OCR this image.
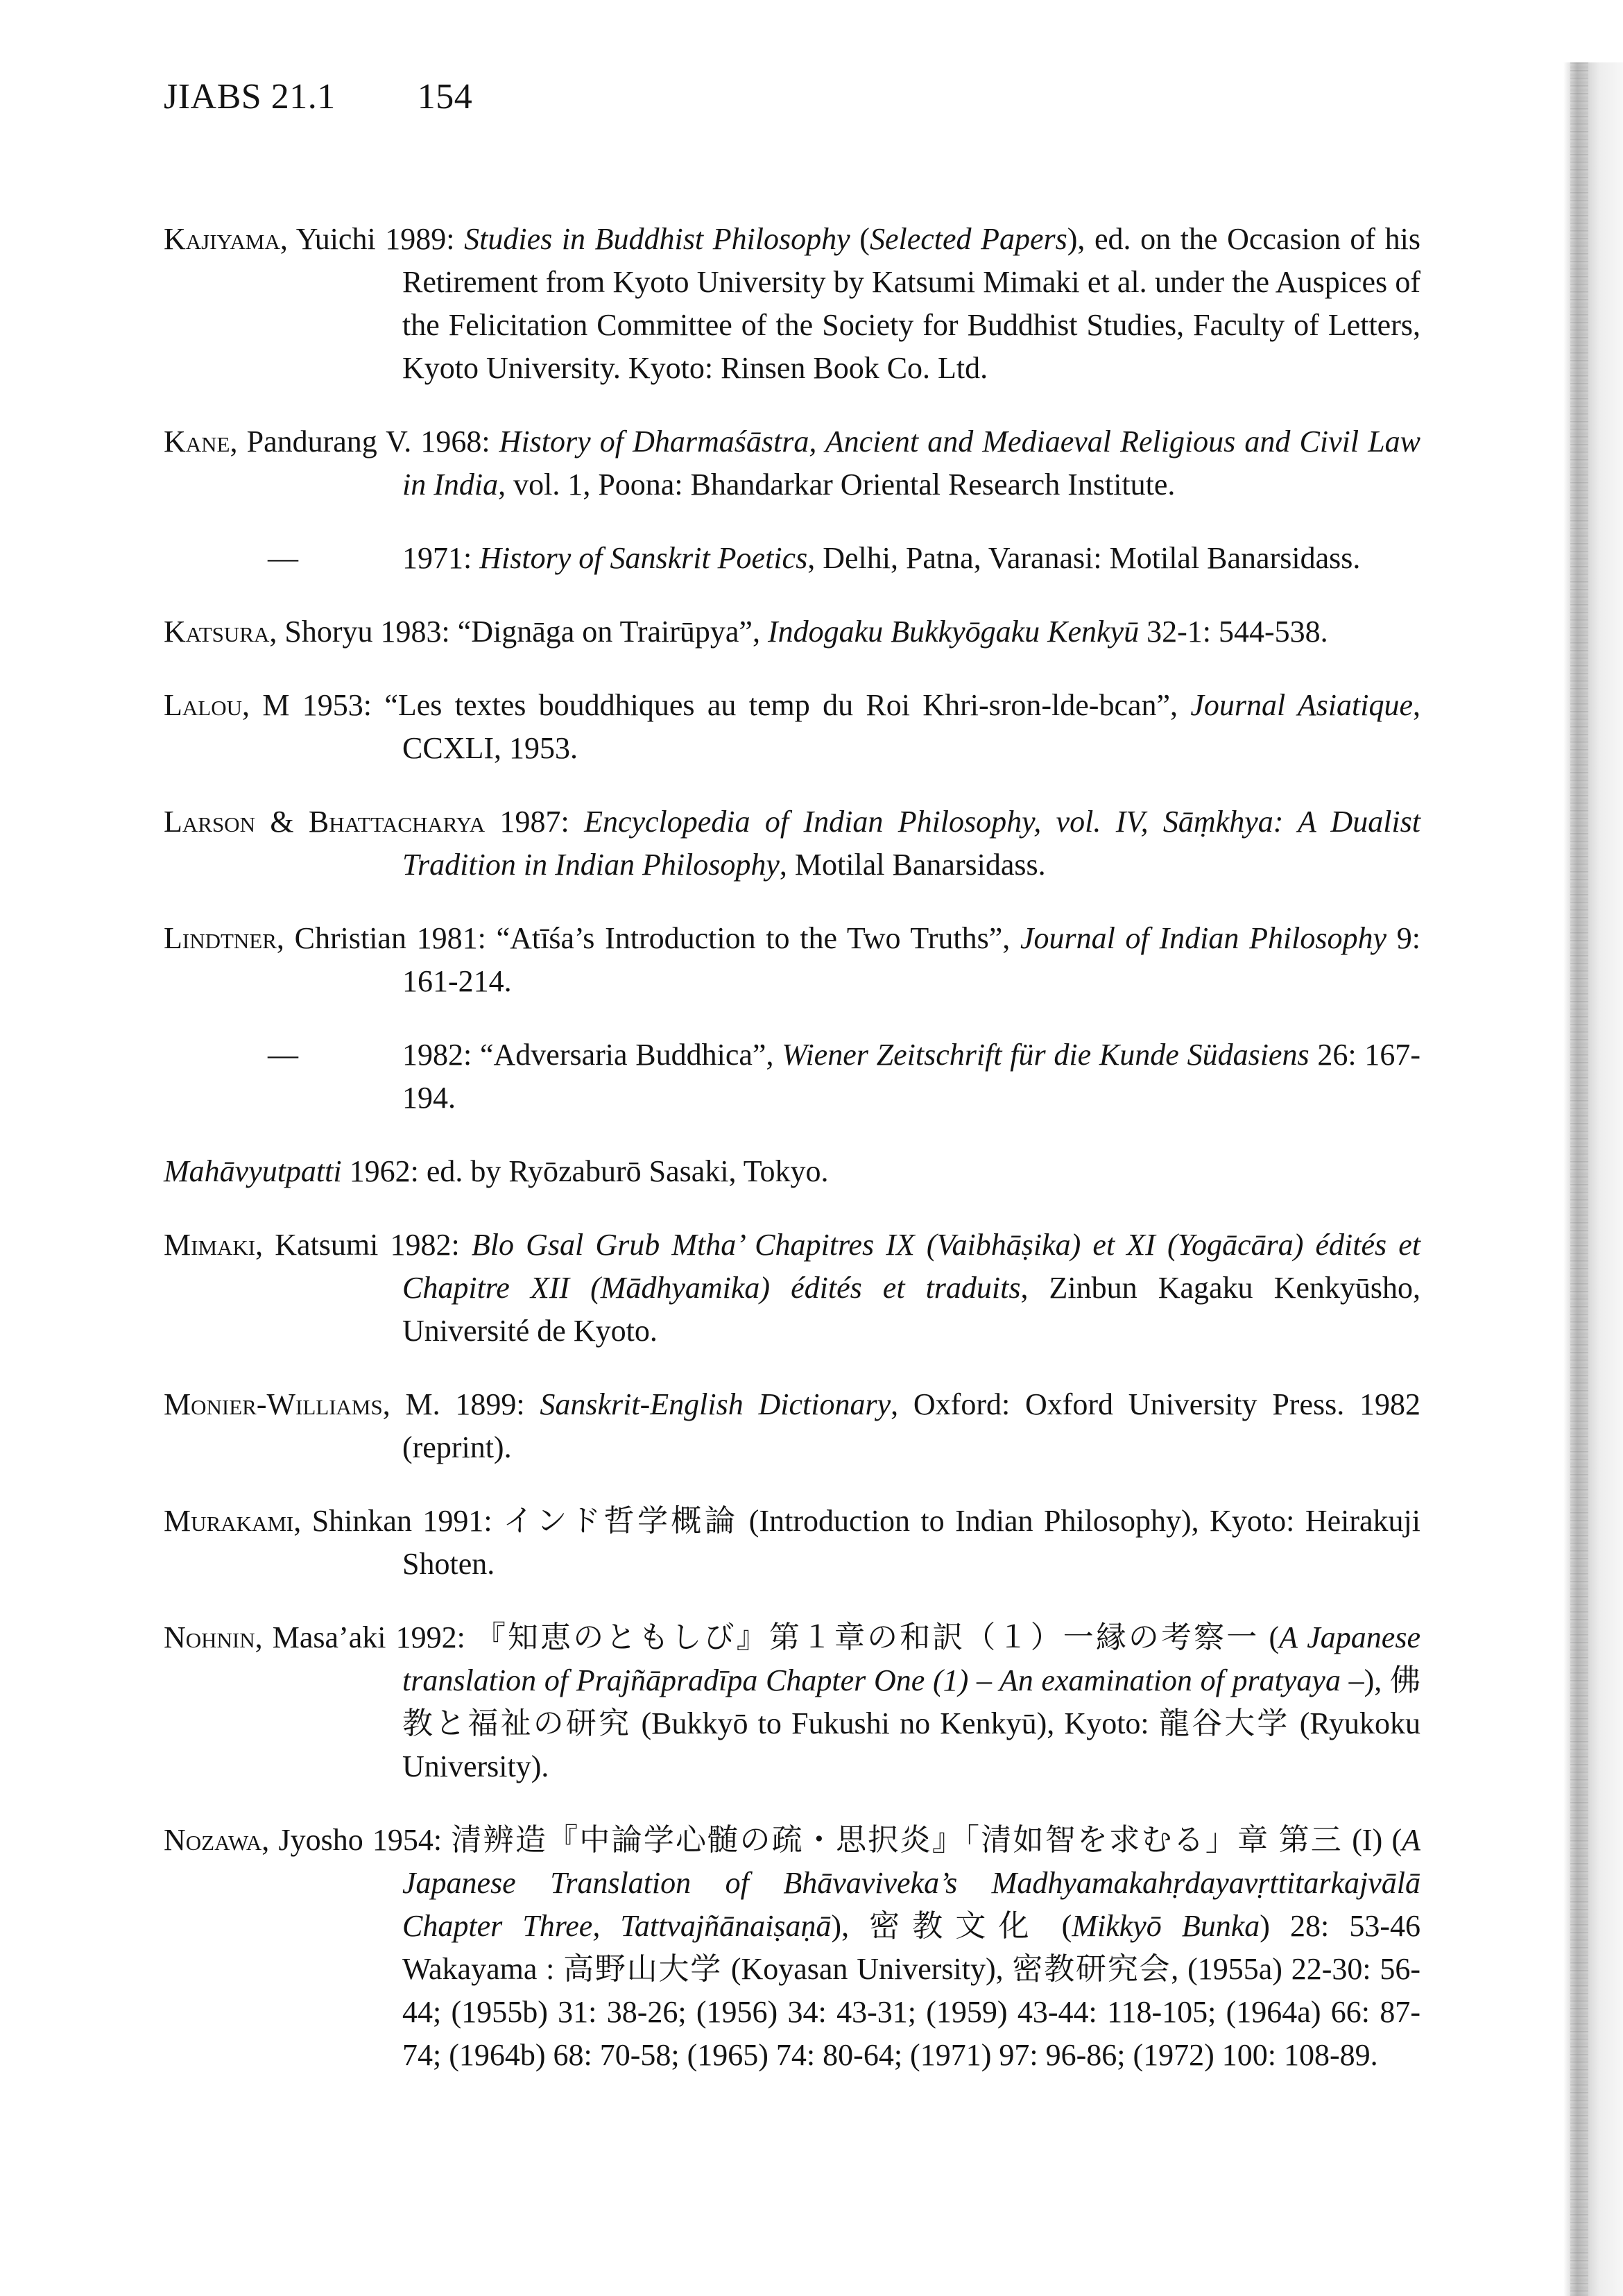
JIABS 21.1 154

Kajiyama, Yuichi 1989: Studies in Buddhist Philosophy (Selected Papers), ed. on the Occasion of his Retirement from Kyoto University by Katsumi Mimaki et al. under the Auspices of the Felicitation Committee of the Society for Buddhist Studies, Faculty of Letters, Kyoto University. Kyoto: Rinsen Book Co. Ltd.

Kane, Pandurang V. 1968: History of Dharmaśāstra, Ancient and Mediaeval Religious and Civil Law in India, vol. 1, Poona: Bhandarkar Oriental Research Institute.

—	1971: History of Sanskrit Poetics, Delhi, Patna, Varanasi: Motilal Banarsidass.

Katsura, Shoryu 1983: “Dignāga on Trairūpya”, Indogaku Bukkyōgaku Kenkyū 32-1: 544-538.

Lalou, M 1953: “Les textes bouddhiques au temp du Roi Khri-sron-lde-bcan”, Journal Asiatique, CCXLI, 1953.

Larson & Bhattacharya 1987: Encyclopedia of Indian Philosophy, vol. IV, Sāṃkhya: A Dualist Tradition in Indian Philosophy, Motilal Banarsidass.

Lindtner, Christian 1981: “Atīśa’s Introduction to the Two Truths”, Journal of Indian Philosophy 9: 161-214.

—	1982: “Adversaria Buddhica”, Wiener Zeitschrift für die Kunde Südasiens 26: 167-194.

Mahāvyutpatti 1962: ed. by Ryōzaburō Sasaki, Tokyo.

Mimaki, Katsumi 1982: Blo Gsal Grub Mtha’ Chapitres IX (Vaibhāṣika) et XI (Yogācāra) édités et Chapitre XII (Mādhyamika) édités et traduits, Zinbun Kagaku Kenkyūsho, Université de Kyoto.

Monier-Williams, M. 1899: Sanskrit-English Dictionary, Oxford: Oxford University Press. 1982 (reprint).

Murakami, Shinkan 1991: インド哲学概論 (Introduction to Indian Philosophy), Kyoto: Heirakuji Shoten.

Nohnin, Masa’aki 1992: 『知恵のともしび』第１章の和訳（１）一縁の考察一 (A Japanese translation of Prajñāpradīpa Chapter One (1) – An examination of pratyaya –), 佛教と福祉の研究 (Bukkyō to Fukushi no Kenkyū), Kyoto: 龍谷大学 (Ryukoku University).

Nozawa, Jyosho 1954: 清辨造『中論学心髄の疏・思択炎』「清如智を求むる」章 第三 (I) (A Japanese Translation of Bhāvaviveka’s Madhyamakahṛdayavṛttitarkajvālā Chapter Three, Tattvajñānaiṣaṇā), 密教文化 (Mikkyō Bunka) 28: 53-46 Wakayama : 高野山大学 (Koyasan University), 密教研究会, (1955a) 22-30: 56-44; (1955b) 31: 38-26; (1956) 34: 43-31; (1959) 43-44: 118-105; (1964a) 66: 87-74; (1964b) 68: 70-58; (1965) 74: 80-64; (1971) 97: 96-86; (1972) 100: 108-89.
